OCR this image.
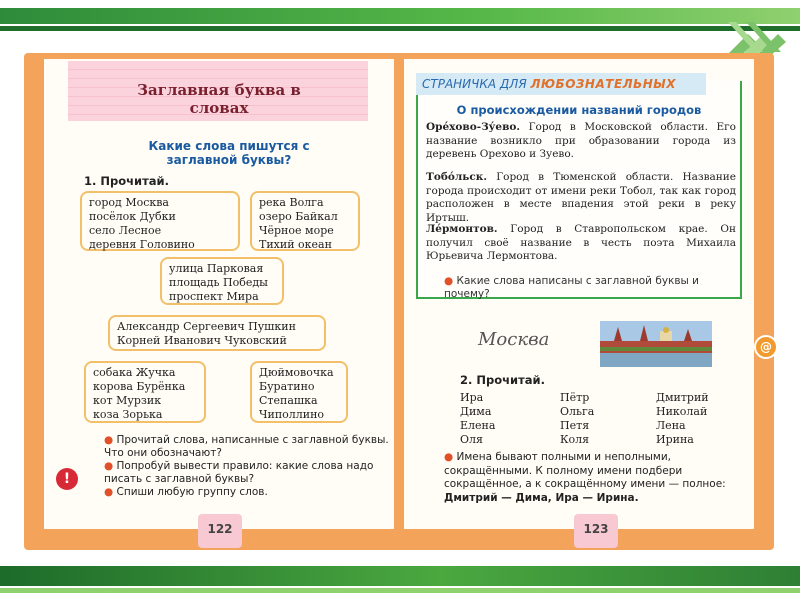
Заглавная буква в словах
Какие слова пишутся с заглавной буквы?
1. Прочитай.
город Москва
посёлок Дубки
село Лесное
деревня Головино
река Волга
озеро Байкал
Чёрное море
Тихий океан
улица Парковая
площадь Победы
проспект Мира
Александр Сергеевич Пушкин
Корней Иванович Чуковский
собака Жучка
корова Бурёнка
кот Мурзик
коза Зорька
Дюймовочка
Буратино
Степашка
Чиполлино
● Прочитай слова, написанные с заглавной буквы. Что они обозначают?
● Попробуй вывести правило: какие слова надо писать с заглавной буквы?
● Спиши любую группу слов.
!
122
СТРАНИЧКА ДЛЯ ЛЮБОЗНАТЕЛЬНЫХ
О происхождении названий городов
Оре́хово-Зу́ево. Город в Московской области. Его название возникло при образовании города из деревень Орехово и Зуево.
Тобо́льск. Город в Тюменской области. Название города происходит от имени реки Тобол, так как город расположен в месте впадения этой реки в реку Иртыш.
Ле́рмонтов. Город в Ставропольском крае. Он получил своё название в честь поэта Михаила Юрьевича Лермонтова.
● Какие слова написаны с заглавной буквы и почему?
Москва	@
2. Прочитай.
Ира
Дима
Елена
Оля
Пётр
Ольга
Петя
Коля
Дмитрий
Николай
Лена
Ирина
● Имена бывают полными и неполными, сокращёнными. К полному имени подбери сокращённое, а к сокращённому имени — полное: Дмитрий — Дима, Ира — Ирина.
123
